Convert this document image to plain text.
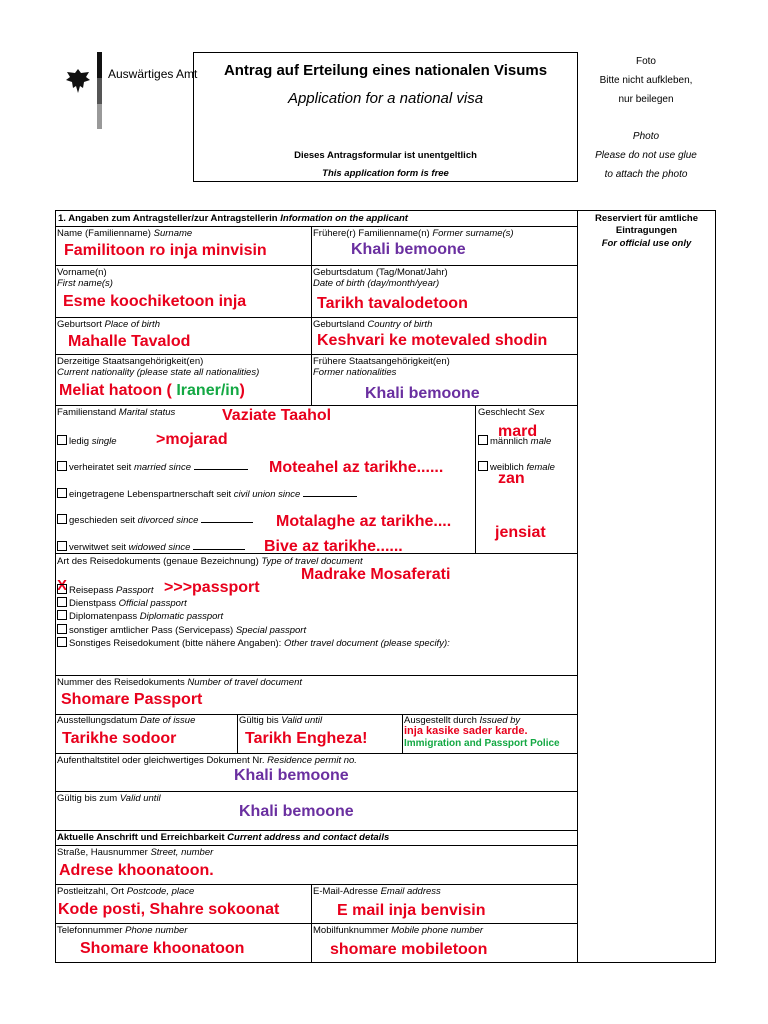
Auswärtiges Amt	Antrag auf Erteilung eines nationalen Visums
Application for a national visa
Dieses Antragsformular ist unentgeltlich
This application form is free
Foto
Bitte nicht aufkleben,
nur beilegen
Photo
Please do not use glue
to attach the photo
Reserviert für amtliche
Eintragungen
For official use only
1. Angaben zum Antragsteller/zur Antragstellerin Information on the applicant
Name (Familienname) Surname
Familitoon ro inja minvisin
Frühere(r) Familienname(n) Former surname(s)
Khali bemoone
Vorname(n)
First name(s)
Esme koochiketoon inja
Geburtsdatum (Tag/Monat/Jahr)
Date of birth (day/month/year)
Tarikh tavalodetoon
Geburtsort Place of birth
Mahalle Tavalod
Geburtsland Country of birth
Keshvari ke motevaled shodin
Derzeitige Staatsangehörigkeit(en)
Current nationality (please state all nationalities)
Meliat hatoon ( Iraner/in)
Frühere Staatsangehörigkeit(en)
Former nationalities
Khali bemoone
Familienstand Marital status	Vaziate Taahol
ledig single >mojarad
verheiratet seit married since	Moteahel az tarikhe......
eingetragene Lebenspartnerschaft seit civil union since
geschieden seit divorced since	Motalaghe az tarikhe....
verwitwet seit widowed since	Bive az tarikhe......
Geschlecht Sex
mard
männlich male
weiblich female
zan
jensiat
Art des Reisedokuments (genaue Bezeichnung) Type of travel document
Madrake Mosaferati
X Reisepass Passport >>>passport
Dienstpass Official passport
Diplomatenpass Diplomatic passport
sonstiger amtlicher Pass (Servicepass) Special passport
Sonstiges Reisedokument (bitte nähere Angaben): Other travel document (please specify):
Nummer des Reisedokuments Number of travel document
Shomare Passport
Ausstellungsdatum Date of issue
Tarikhe sodoor
Gültig bis Valid until
Tarikh Engheza!
Ausgestellt durch Issued by
inja kasike sader karde.
Immigration and Passport Police
Aufenthaltstitel oder gleichwertiges Dokument Nr. Residence permit no.
Khali bemoone
Gültig bis zum Valid until
Khali bemoone
Aktuelle Anschrift und Erreichbarkeit Current address and contact details
Straße, Hausnummer Street, number
Adrese khoonatoon.
Postleitzahl, Ort Postcode, place
Kode posti, Shahre sokoonat
E-Mail-Adresse Email address
E mail inja benvisin
Telefonnummer Phone number
Shomare khoonatoon
Mobilfunknummer Mobile phone number
shomare mobiletoon
